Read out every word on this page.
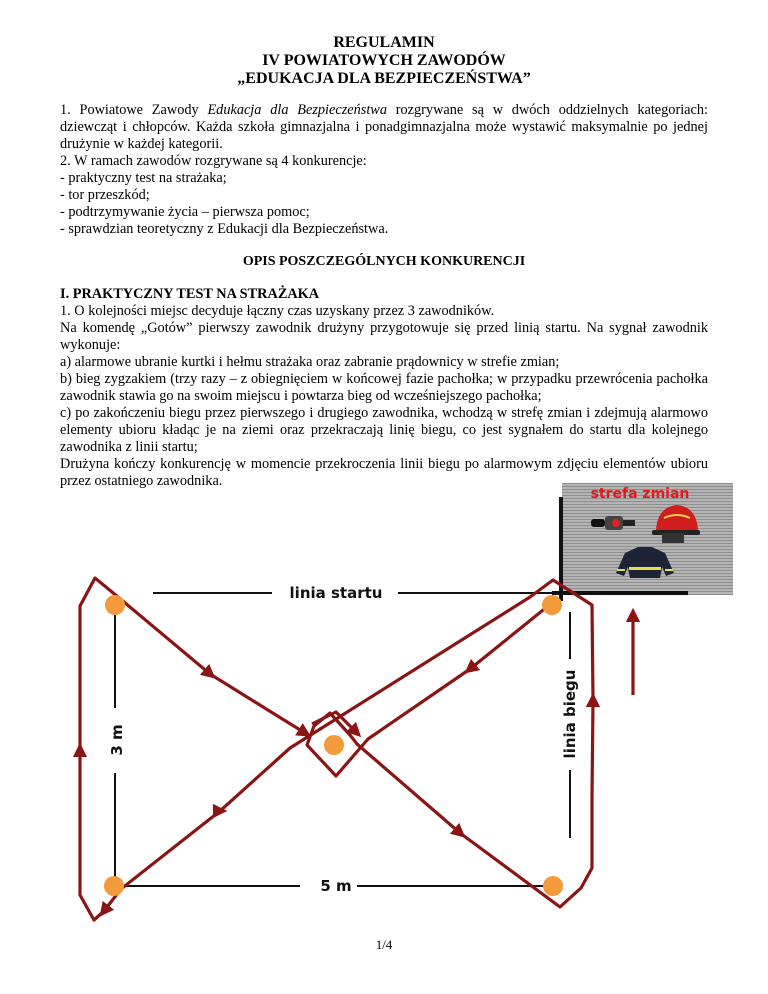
REGULAMIN
IV POWIATOWYCH ZAWODÓW
„EDUKACJA DLA BEZPIECZEŃSTWA”

1. Powiatowe Zawody Edukacja dla Bezpieczeństwa rozgrywane są w dwóch oddzielnych kategoriach: dziewcząt i chłopców. Każda szkoła gimnazjalna i ponadgimnazjalna może wystawić maksymalnie po jednej drużynie w każdej kategorii.

2. W ramach zawodów rozgrywane są 4 konkurencje:

- praktyczny test na strażaka;

- tor przeszkód;

- podtrzymywanie życia – pierwsza pomoc;

- sprawdzian teoretyczny z Edukacji dla Bezpieczeństwa.

OPIS POSZCZEGÓLNYCH KONKURENCJI

I. PRAKTYCZNY TEST NA STRAŻAKA

1. O kolejności miejsc decyduje łączny czas uzyskany przez 3 zawodników.

Na komendę „Gotów” pierwszy zawodnik drużyny przygotowuje się przed linią startu. Na sygnał zawodnik wykonuje:

a) alarmowe ubranie kurtki i hełmu strażaka oraz zabranie prądownicy w strefie zmian;

b) bieg zygzakiem (trzy razy – z obiegnięciem w końcowej fazie pachołka; w przypadku przewrócenia pachołka zawodnik stawia go na swoim miejscu i powtarza bieg od wcześniejszego pachołka;

c) po zakończeniu biegu przez pierwszego i drugiego zawodnika, wchodzą w strefę zmian i zdejmują alarmowo elementy ubioru kładąc je na ziemi oraz przekraczają linię biegu, co jest sygnałem do startu dla kolejnego zawodnika z linii startu;

Drużyna kończy konkurencję w momencie przekroczenia linii biegu po alarmowym zdjęciu elementów ubioru przez ostatniego zawodnika.

strefa zmian
linia startu
linia biegu
3 m
5 m
1/4
